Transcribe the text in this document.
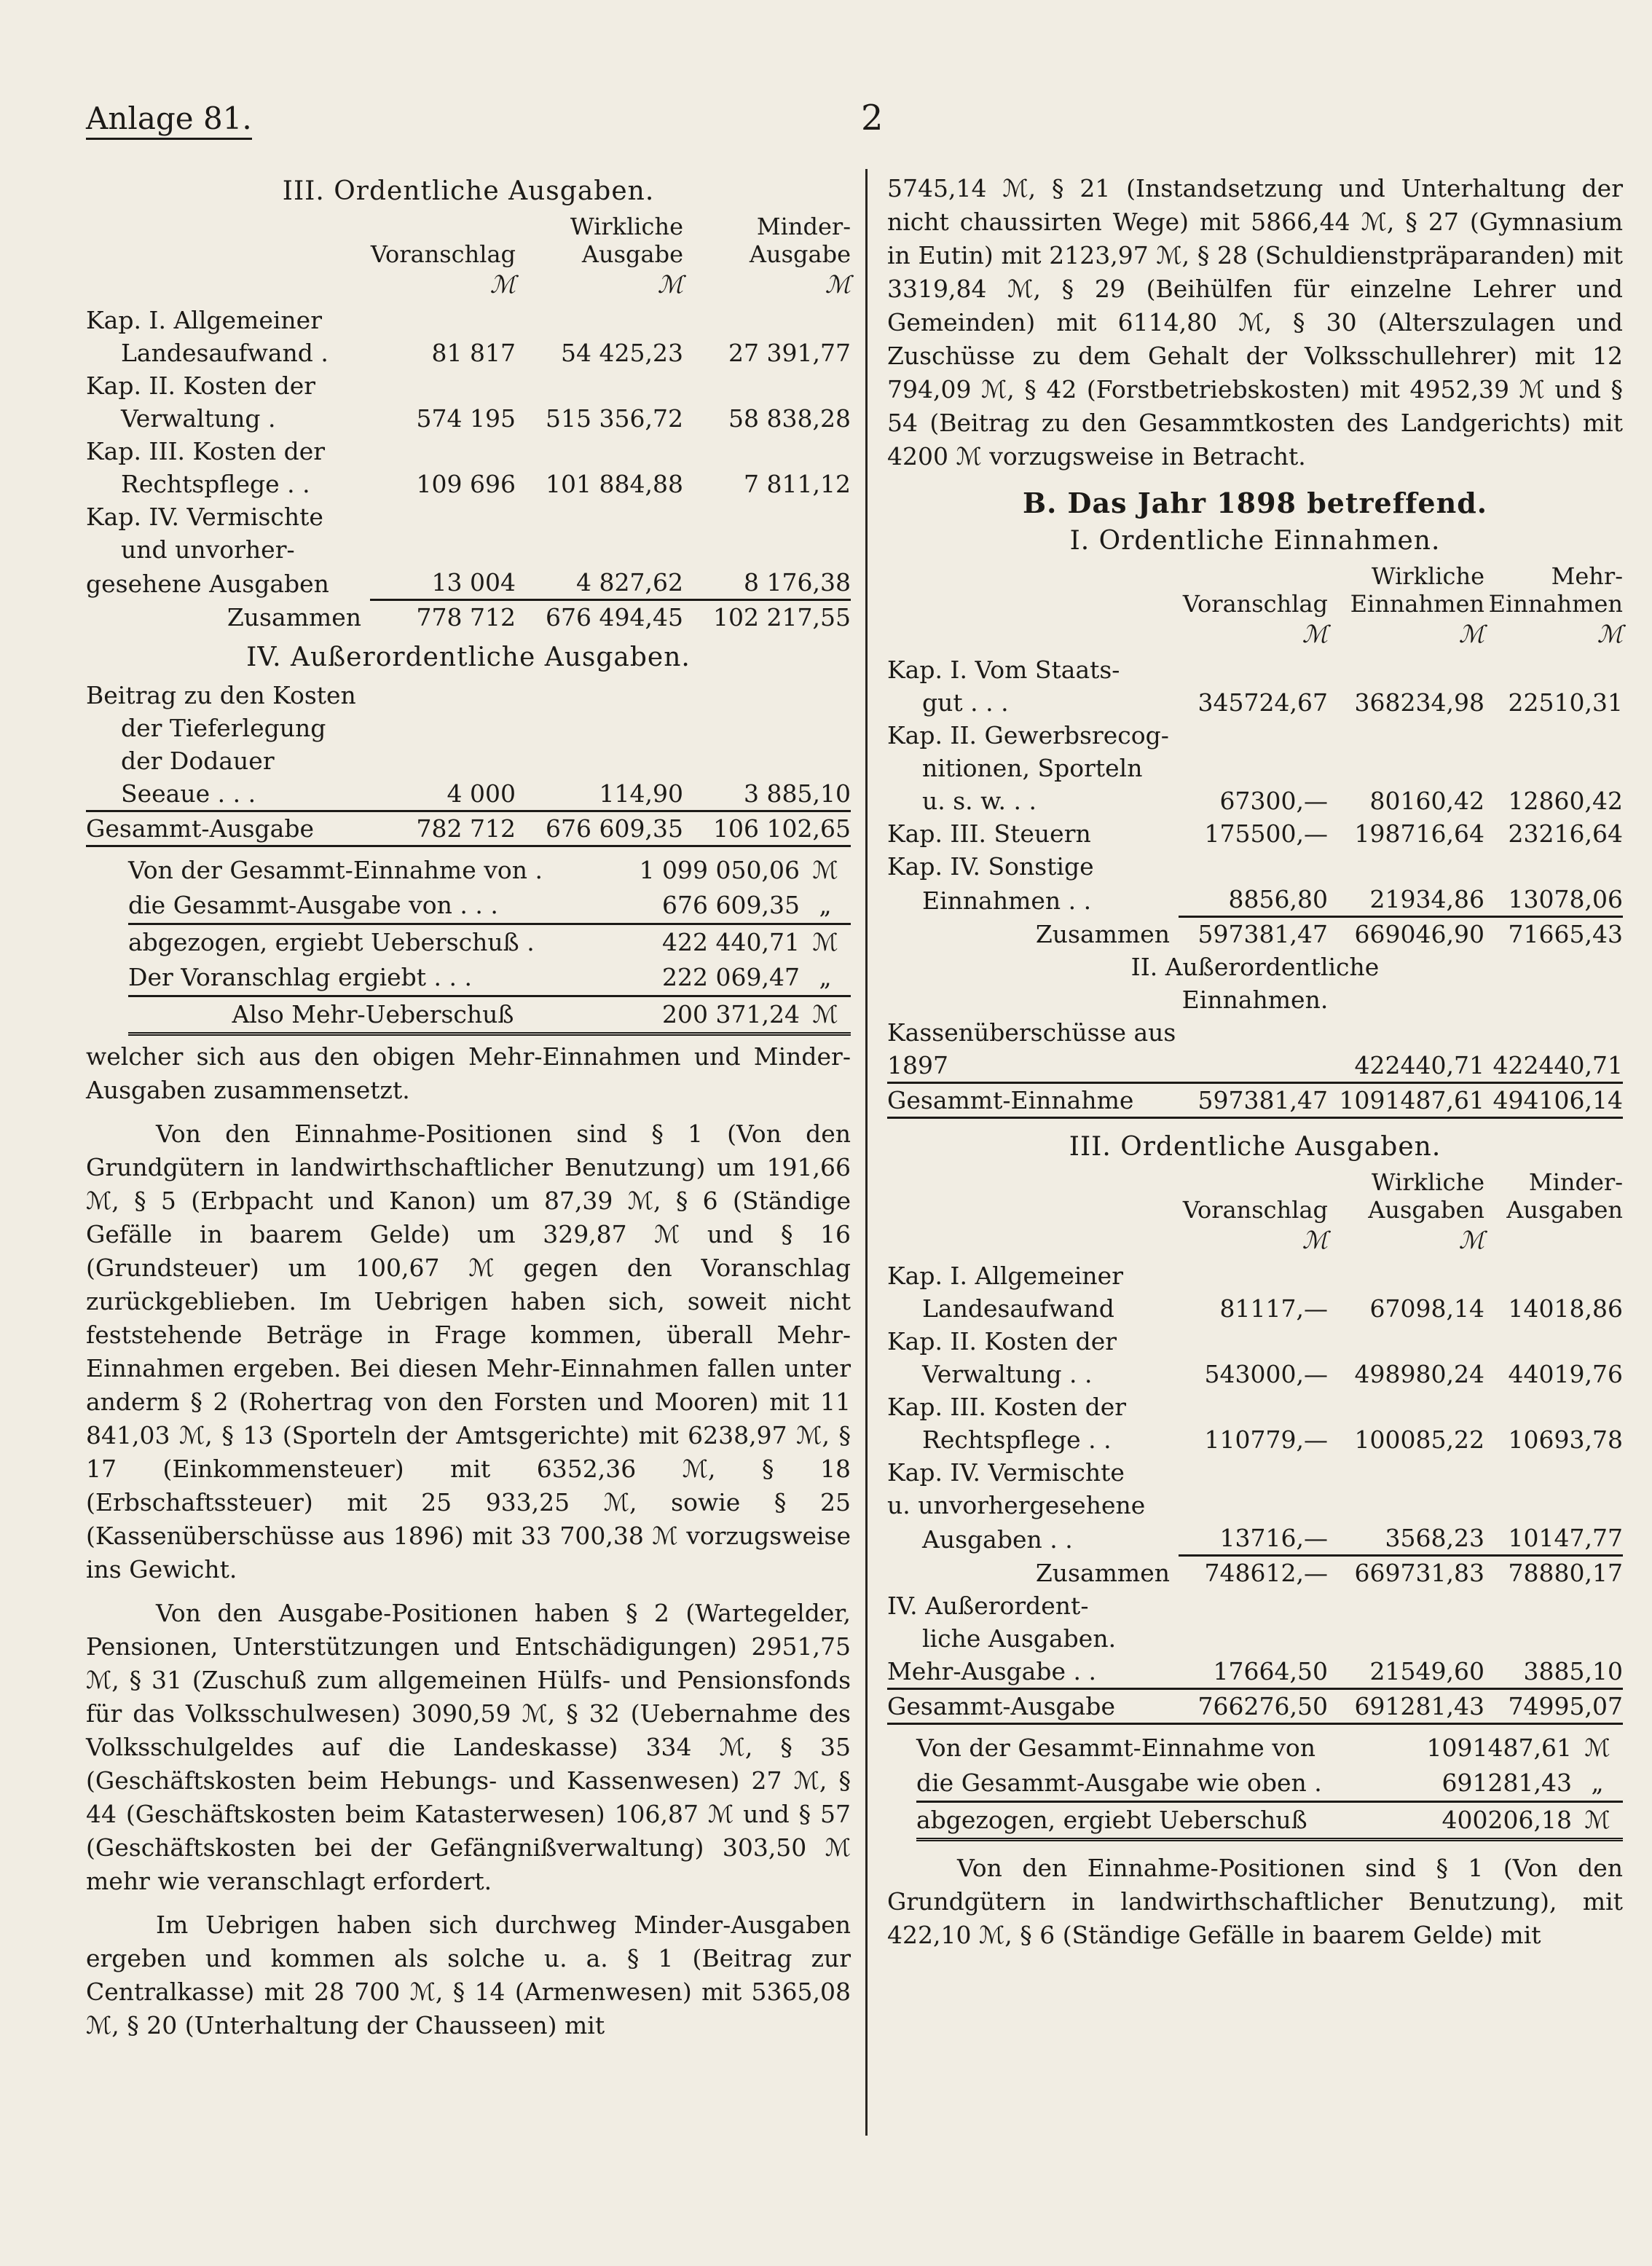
Anlage 81.	2
III. Ordentliche Ausgaben.
	Voranschlag	Wirkliche Ausgabe	Minder-Ausgabe
	ℳ	ℳ	ℳ
Kap. I. Allgemeiner			
Landesaufwand .	81 817	54 425,23	27 391,77
Kap. II. Kosten der			
Verwaltung .	574 195	515 356,72	58 838,28
Kap. III. Kosten der			
Rechtspflege . .	109 696	101 884,88	7 811,12
Kap. IV. Vermischte			
und unvorher-			
gesehene Ausgaben	13 004	4 827,62	8 176,38
Zusammen	778 712	676 494,45	102 217,55
IV. Außerordentliche Ausgaben.
Beitrag zu den Kosten			
der Tieferlegung			
der Dodauer			
Seeaue . . .	4 000	114,90	3 885,10
Gesammt-Ausgabe	782 712	676 609,35	106 102,65
Von der Gesammt-Einnahme von .	1 099 050,06 ℳ
die Gesammt-Ausgabe von . . .	676 609,35 „
abgezogen, ergiebt Ueberschuß .	422 440,71 ℳ
Der Voranschlag ergiebt . . .	222 069,47 „
Also Mehr-Ueberschuß	200 371,24 ℳ

welcher sich aus den obigen Mehr-Einnahmen und Minder-Ausgaben zusammensetzt.

Von den Einnahme-Positionen sind § 1 (Von den Grundgütern in landwirthschaftlicher Benutzung) um 191,66 ℳ, § 5 (Erbpacht und Kanon) um 87,39 ℳ, § 6 (Ständige Gefälle in baarem Gelde) um 329,87 ℳ und § 16 (Grundsteuer) um 100,67 ℳ gegen den Voranschlag zurückgeblieben. Im Uebrigen haben sich, soweit nicht feststehende Beträge in Frage kommen, überall Mehr-Einnahmen ergeben. Bei diesen Mehr-Einnahmen fallen unter anderm § 2 (Rohertrag von den Forsten und Mooren) mit 11 841,03 ℳ, § 13 (Sporteln der Amtsgerichte) mit 6238,97 ℳ, § 17 (Einkommensteuer) mit 6352,36 ℳ, § 18 (Erbschaftssteuer) mit 25 933,25 ℳ, sowie § 25 (Kassenüberschüsse aus 1896) mit 33 700,38 ℳ vorzugsweise ins Gewicht.

Von den Ausgabe-Positionen haben § 2 (Wartegelder, Pensionen, Unterstützungen und Entschädigungen) 2951,75 ℳ, § 31 (Zuschuß zum allgemeinen Hülfs- und Pensionsfonds für das Volksschulwesen) 3090,59 ℳ, § 32 (Uebernahme des Volksschulgeldes auf die Landeskasse) 334 ℳ, § 35 (Geschäftskosten beim Hebungs- und Kassenwesen) 27 ℳ, § 44 (Geschäftskosten beim Katasterwesen) 106,87 ℳ und § 57 (Geschäftskosten bei der Gefängnißverwaltung) 303,50 ℳ mehr wie veranschlagt erfordert.

Im Uebrigen haben sich durchweg Minder-Ausgaben ergeben und kommen als solche u. a. § 1 (Beitrag zur Centralkasse) mit 28 700 ℳ, § 14 (Armenwesen) mit 5365,08 ℳ, § 20 (Unterhaltung der Chausseen) mit

5745,14 ℳ, § 21 (Instandsetzung und Unterhaltung der nicht chaussirten Wege) mit 5866,44 ℳ, § 27 (Gymnasium in Eutin) mit 2123,97 ℳ, § 28 (Schuldienstpräparanden) mit 3319,84 ℳ, § 29 (Beihülfen für einzelne Lehrer und Gemeinden) mit 6114,80 ℳ, § 30 (Alterszulagen und Zuschüsse zu dem Gehalt der Volksschullehrer) mit 12 794,09 ℳ, § 42 (Forstbetriebskosten) mit 4952,39 ℳ und § 54 (Beitrag zu den Gesammtkosten des Landgerichts) mit 4200 ℳ vorzugsweise in Betracht.

B. Das Jahr 1898 betreffend.
I. Ordentliche Einnahmen.
	Voranschlag	Wirkliche Einnahmen	Mehr-Einnahmen
	ℳ	ℳ	ℳ
Kap. I. Vom Staats-			
gut . . .	345724,67	368234,98	22510,31
Kap. II. Gewerbsrecog-			
nitionen, Sporteln			
u. s. w. . .	67300,—	80160,42	12860,42
Kap. III. Steuern	175500,—	198716,64	23216,64
Kap. IV. Sonstige			
Einnahmen . .	8856,80	21934,86	13078,06
Zusammen	597381,47	669046,90	71665,43
II. Außerordentliche			
Einnahmen.			
Kassenüberschüsse aus			
1897		422440,71	422440,71
Gesammt-Einnahme	597381,47	1091487,61	494106,14
III. Ordentliche Ausgaben.
	Voranschlag	Wirkliche Ausgaben	Minder-Ausgaben
	ℳ	ℳ	
Kap. I. Allgemeiner			
Landesaufwand	81117,—	67098,14	14018,86
Kap. II. Kosten der			
Verwaltung . .	543000,—	498980,24	44019,76
Kap. III. Kosten der			
Rechtspflege . .	110779,—	100085,22	10693,78
Kap. IV. Vermischte			
u. unvorhergesehene			
Ausgaben . .	13716,—	3568,23	10147,77
Zusammen	748612,—	669731,83	78880,17
IV. Außerordent-			
liche Ausgaben.			
Mehr-Ausgabe . .	17664,50	21549,60	3885,10
Gesammt-Ausgabe	766276,50	691281,43	74995,07
Von der Gesammt-Einnahme von	1091487,61 ℳ
die Gesammt-Ausgabe wie oben .	691281,43 „
abgezogen, ergiebt Ueberschuß	400206,18 ℳ

Von den Einnahme-Positionen sind § 1 (Von den Grundgütern in landwirthschaftlicher Benutzung), mit 422,10 ℳ, § 6 (Ständige Gefälle in baarem Gelde) mit
